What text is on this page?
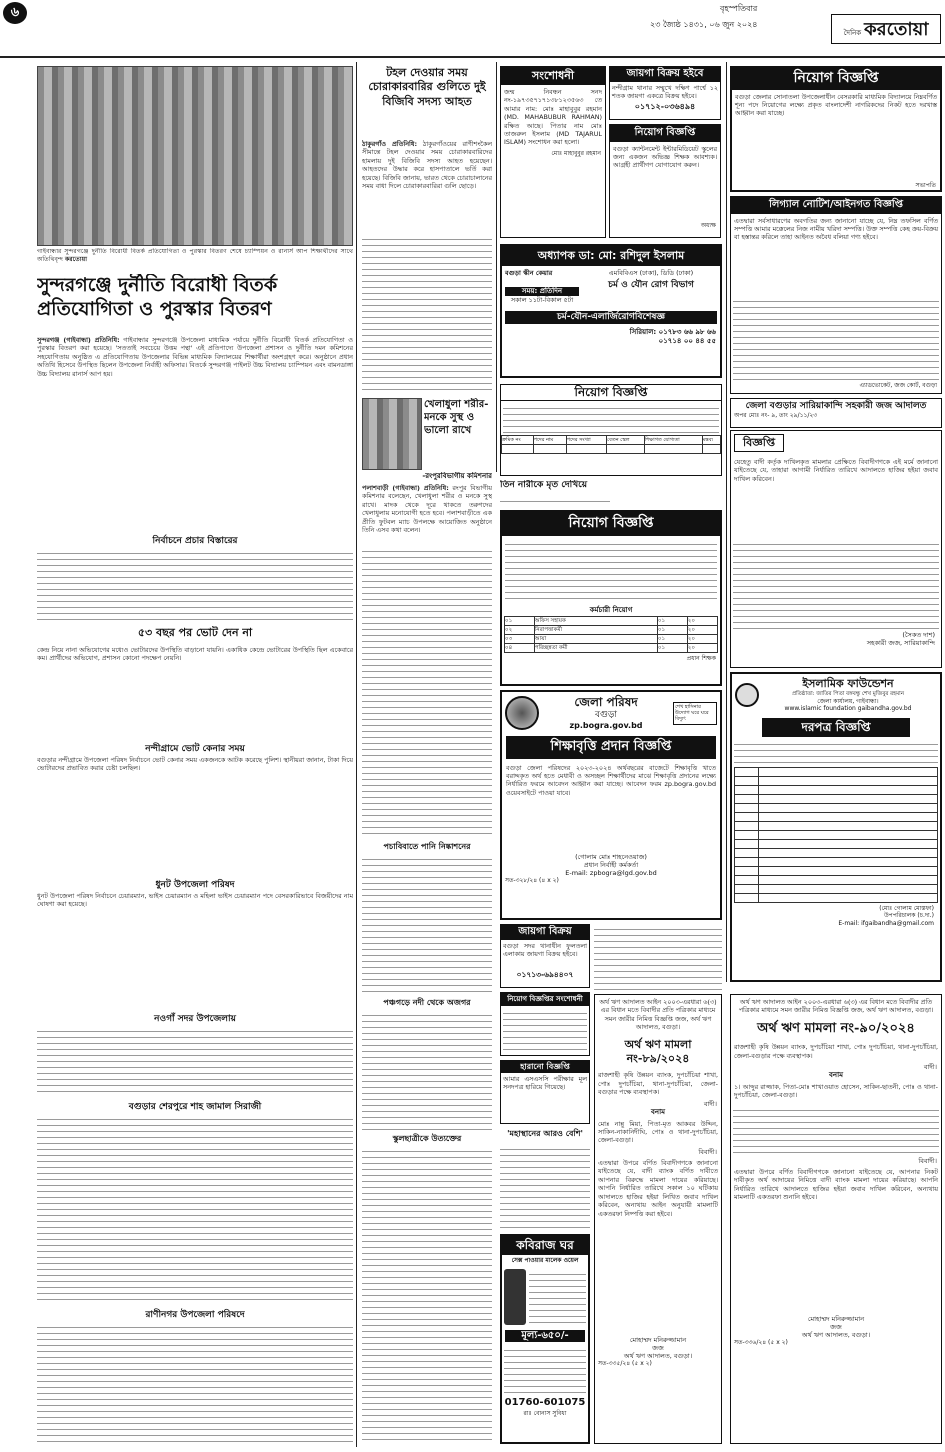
৬	বৃহস্পতিবার
২৩ জ্যৈষ্ঠ ১৪৩১, ০৬ জুন ২০২৪
দৈনিক করতোয়া
গাইবান্ধার সুন্দরগঞ্জে দুর্নীতি বিরোধী বিতর্ক প্রতিযোগিতা ও পুরস্কার বিতরণ শেষে চ্যাম্পিয়ন ও রানার্স আপ শিক্ষার্থীদের সাথে অতিথিবৃন্দ করতোয়া
সুন্দরগঞ্জে দুর্নীতি বিরোধী বিতর্ক প্রতিযোগিতা ও পুরস্কার বিতরণ
সুন্দরগঞ্জ (গাইবান্ধা) প্রতিনিধি: গাইবান্ধার সুন্দরগঞ্জে উপজেলা মাধ্যমিক পর্যায়ে দুর্নীতি বিরোধী বিতর্ক প্রতিযোগিতা ও পুরস্কার বিতরণ করা হয়েছে। 'সততাই সবচেয়ে উত্তম পন্থা' এই প্রতিপাদ্যে উপজেলা প্রশাসন ও দুর্নীতি দমন কমিশনের সহযোগিতায় অনুষ্ঠিত এ প্রতিযোগিতায় উপজেলার বিভিন্ন মাধ্যমিক বিদ্যালয়ের শিক্ষার্থীরা অংশগ্রহণ করে। অনুষ্ঠানে প্রধান অতিথি হিসেবে উপস্থিত ছিলেন উপজেলা নির্বাহী অফিসার। বিতর্কে সুন্দরগঞ্জ পাইলট উচ্চ বিদ্যালয় চ্যাম্পিয়ন এবং বামনডাঙ্গা উচ্চ বিদ্যালয় রানার্স আপ হয়।
নির্বাচনে প্রচার বিস্তারের
৫৩ বছর পর ভোট দেন না
কেন্দ্র নিয়ে নানা অভিযোগের মধ্যেও ভোটারদের উপস্থিতি বাড়ানো যায়নি। একাধিক কেন্দ্রে ভোটারের উপস্থিতি ছিল একেবারে কম। প্রার্থীদের অভিযোগ, প্রশাসন কোনো পদক্ষেপ নেয়নি।
নন্দীগ্রামে ভোট কেনার সময়
বগুড়ার নন্দীগ্রামে উপজেলা পরিষদ নির্বাচনে ভোট কেনার সময় একজনকে আটক করেছে পুলিশ। স্থানীয়রা জানান, টাকা দিয়ে ভোটারদের প্রভাবিত করার চেষ্টা চলছিল।
ধুনট উপজেলা পরিষদ
ধুনট উপজেলা পরিষদ নির্বাচনে চেয়ারম্যান, ভাইস চেয়ারম্যান ও মহিলা ভাইস চেয়ারম্যান পদে বেসরকারিভাবে বিজয়ীদের নাম ঘোষণা করা হয়েছে।
নওগাঁ সদর উপজেলায়
বগুড়ার শেরপুরে শাহ জামাল সিরাজী
রাণীনগর উপজেলা পরিষদে
টহল দেওয়ার সময় চোরাকারবারির গুলিতে দুই বিজিবি সদস্য আহত
ঠাকুরগাঁও প্রতিনিধি: ঠাকুরগাঁওয়ের রাণীশংকৈল সীমান্তে টহল দেওয়ার সময় চোরাকারবারিদের হামলায় দুই বিজিবি সদস্য আহত হয়েছেন। আহতদের উদ্ধার করে হাসপাতালে ভর্তি করা হয়েছে। বিজিবি জানায়, ভারত থেকে চোরাচালানের সময় বাধা দিলে চোরাকারবারিরা গুলি ছোড়ে।
খেলাধুলা শরীর-মনকে সুস্থ ও ভালো রাখে
-রংপুরবিভাগীয় কমিশনার
পলাশবাড়ী (গাইবান্ধা) প্রতিনিধি: রংপুর বিভাগীয় কমিশনার বলেছেন, খেলাধুলা শরীর ও মনকে সুস্থ রাখে। মাদক থেকে দূরে থাকতে তরুণদের খেলাধুলায় মনোযোগী হতে হবে। পলাশবাড়ীতে এক প্রীতি ফুটবল ম্যাচ উপলক্ষে আয়োজিত অনুষ্ঠানে তিনি এসব কথা বলেন।
পচাবিবাতে পানি নিষ্কাশনের
পঞ্চগড়ে নদী থেকে অজগর
স্কুলছাত্রীকে উত্যক্তের
সংশোধনী
জন্ম নিবন্ধন সনদ নং-১৯৭৩৫৭১৭১৩৮১২৩৫৬৩ তে আমার নাম: মোঃ মাহাবুবুর রহমান (MD. MAHABUBUR RAHMAN) রক্ষিত আছে। পিতার নাম মোঃ তাজরুল ইসলাম (MD TAJARUL ISLAM) সংশোধন করা হলো।
মোঃ মাহাবুবুর রহমান
জায়গা বিক্রয় হইবে
নন্দীগ্রাম থানার সম্মুখে দক্ষিণ পার্শ্বে ১২ শতক জায়গা একত্রে বিক্রয় হইবে।
০১৭১২-০৩৬৪৯৪
নিয়োগ বিজ্ঞপ্তি
বগুড়া ক্যান্টনমেন্ট ইন্টারমিডিয়েট স্কুলের জন্য একজন অভিজ্ঞ শিক্ষক আবশ্যক। আগ্রহী প্রার্থীগণ যোগাযোগ করুন।
অধ্যক্ষ
অধ্যাপক ডা: মো: রশিদুল ইসলাম
বগুড়া স্কীন কেয়ার
সময়: প্রতিদিন
সকাল ১১টা-বিকাল ৫টা
এমবিবিএস (ঢাকা), ডিডি (ঢাকা)
চর্ম ও যৌন রোগ বিভাগ
চর্ম-যৌন-এলার্জিরোগবিশেষজ্ঞ
সিরিয়াল: ০১৭৮৩ ৬৬ ৯৮ ৬৬
০১৭১৪ ০০ ৪৪ ৫৫
নিয়োগ বিজ্ঞপ্তি
ক্রমিক নং	পদের নাম	পদের সংখ্যা	বেতন স্কেল	শিক্ষাগত যোগ্যতা	মন্তব্য

তিন নারীকে মৃত দেখিয়ে
নিয়োগ বিজ্ঞপ্তি
কর্মচারী নিয়োগ
০১	অফিস সহায়ক	০১	২০
০২	নিরাপত্তাকর্মী	০১	২০
০৩	আয়া	০১	২০
০৪	পরিচ্ছন্নতা কর্মী	০১	২০
প্রধান শিক্ষক
জেলা পরিষদ
বগুড়া
zp.bogra.gov.bd
শেখ হাসিনার উদ্যোগ ঘরে ঘরে বিদ্যুৎ
শিক্ষাবৃত্তি প্রদান বিজ্ঞপ্তি
বগুড়া জেলা পরিষদের ২০২৩-২০২৪ অর্থবছরের বাজেটে শিক্ষাবৃত্তি খাতে বরাদ্দকৃত অর্থ হতে মেধাবী ও অসচ্ছল শিক্ষার্থীদের মাঝে শিক্ষাবৃত্তি প্রদানের লক্ষ্যে নির্ধারিত ফরমে আবেদন আহ্বান করা যাচ্ছে। আবেদন ফরম zp.bogra.gov.bd ওয়েবসাইটে পাওয়া যাবে।
(গোলাম মোঃ শাহনেওয়াজ)
প্রধান নির্বাহী কর্মকর্তা
E-mail: zpbogra@lgd.gov.bd
সত-৩২৮/২৪ (৪ x ২)
জায়গা বিক্রয়
বগুড়া সদর থানাধীন ফুলতলা এলাকায় জায়গা বিক্রয় হইবে।
০১৭১৩-৬৯৪৪০৭
নিয়োগ বিজ্ঞপ্তির সংশোধনী
হারানো বিজ্ঞপ্তি
আমার এসএসসি পরীক্ষার মূল সনদপত্র হারিয়ে গিয়েছে।
'মহাস্থানের আরও বেশি'
কবিরাজ ঘর
সেক্স পাওয়ার মালেক ওয়েল
মূল্য-৬৫০/-
01760-601075
রাঃ বোনাস সুবিধা
অর্থ ঋণ আদালত আইন ২০০৩-এরধারা ৬(৩) এর বিধান মতে বিবাদীর প্রতি পত্রিকার মাধ্যমে সমন জারীর নিমিত্ত বিজ্ঞপ্তি জজ, অর্থ ঋণ আদালত, বগুড়া।
অর্থ ঋণ মামলা নং-৮৯/২০২৪
রাজশাহী কৃষি উন্নয়ন ব্যাংক, দুপচাঁচিয়া শাখা, পোঃ দুপচাঁচিয়া, থানা-দুপচাঁচিয়া, জেলা-বগুড়ার পক্ষে ব্যবস্থাপক।
বাদী।
বনাম
মোঃ নান্নু মিয়া, পিতা-মৃত আকবর উদ্দিন, সাকিন-নাকানিদীঘি, পোঃ ও থানা-দুপচাঁচিয়া, জেলা-বগুড়া।
বিবাদী।
এতদ্বারা উপরে বর্ণিত বিবাদীগণকে জানানো যাইতেছে যে, বাদী ব্যাংক বর্ণিত দাবীতে আপনার বিরুদ্ধে মামলা দায়ের করিয়াছে। আপনি নির্ধারিত তারিখে সকাল ১০ ঘটিকায় আদালতে হাজির হইয়া লিখিত জবাব দাখিল করিবেন, অন্যথায় আইন অনুযায়ী মামলাটি একতরফা নিষ্পত্তি করা হইবে।
মোহাম্মদ মনিরুজ্জামান
জজ
অর্থ ঋণ আদালত, বগুড়া।
সত-৩৩৫/২৪ (৫ x ২)
নিয়োগ বিজ্ঞপ্তি
বগুড়া জেলার সোনাতলা উপজেলাধীন বেসরকারি মাধ্যমিক বিদ্যালয়ে নিম্নবর্ণিত শূন্য পদে নিয়োগের লক্ষ্যে প্রকৃত বাংলাদেশী নাগরিকদের নিকট হতে দরখাস্ত আহ্বান করা যাচ্ছে।
সভাপতি
লিগ্যাল নোটিশ/আইনগত বিজ্ঞপ্তি
এতদ্বারা সর্বসাধারণের অবগতির জন্য জানানো যাচ্ছে যে, নিম্ন তফসিল বর্ণিত সম্পত্তি আমার মক্কেলের নিজ নামীয় খরিদা সম্পত্তি। উক্ত সম্পত্তি কেহ ক্রয়-বিক্রয় বা হস্তান্তর করিলে তাহা আইনত অবৈধ বলিয়া গণ্য হইবে।
এ্যাডভোকেট, জজ কোর্ট, বগুড়া
জেলা বগুড়ার সারিয়াকান্দি সহকারী জজ আদালত
অপর মোঃ নং- ৯, তাং ২৯/১১/২৩
বিজ্ঞপ্তি
যেহেতু বাদী কর্তৃক দাখিলকৃত মামলার প্রেক্ষিতে বিবাদীগণকে এই মর্মে জানানো যাইতেছে যে, তাহারা আগামী নির্ধারিত তারিখে আদালতে হাজির হইয়া জবাব দাখিল করিবেন।
(সৈকত দাশ)
সহকারী জজ, সারিয়াকান্দি
ইসলামিক ফাউন্ডেশন
প্রতিষ্ঠাতা: জাতির পিতা বঙ্গবন্ধু শেখ মুজিবুর রহমান
জেলা কার্যালয়, গাইবান্ধা।
www.islamic foundation gaibandha.gov.bd
দরপত্র বিজ্ঞপ্তি

(মোঃ গোলাম মোস্তফা)
উপপরিচালক (চ.দা.)
E-mail: ifgaibandha@gmail.com
অর্থ ঋণ আদালত আইন ২০০৩-এরধারা ৬(৩) এর বিধান মতে বিবাদীর প্রতি পত্রিকার মাধ্যমে সমন জারীর নিমিত্ত বিজ্ঞপ্তি জজ, অর্থ ঋণ আদালত, বগুড়া।
অর্থ ঋণ মামলা নং-৯০/২০২৪
রাজশাহী কৃষি উন্নয়ন ব্যাংক, দুপচাঁচিয়া শাখা, পোঃ দুপচাঁচিয়া, থানা-দুপচাঁচিয়া, জেলা-বগুড়ার পক্ষে ব্যবস্থাপক।
বাদী।
বনাম
১। আব্দুর রাজ্জাক, পিতা-মোঃ শাখাওয়াত হোসেন, সাকিন-ছাতনী, পোঃ ও থানা-দুপচাঁচিয়া, জেলা-বগুড়া।
বিবাদী।
এতদ্বারা উপরে বর্ণিত বিবাদীগণকে জানানো যাইতেছে যে, আপনার নিকট দাবীকৃত অর্থ আদায়ের নিমিত্তে বাদী ব্যাংক মামলা দায়ের করিয়াছে। আপনি নির্ধারিত তারিখে আদালতে হাজির হইয়া জবাব দাখিল করিবেন, অন্যথায় মামলাটি একতরফা শুনানি হইবে।
মোহাম্মদ মনিরুজ্জামান
জজ
অর্থ ঋণ আদালত, বগুড়া।
সত-৩৩৬/২৪ (৫ x ২)
